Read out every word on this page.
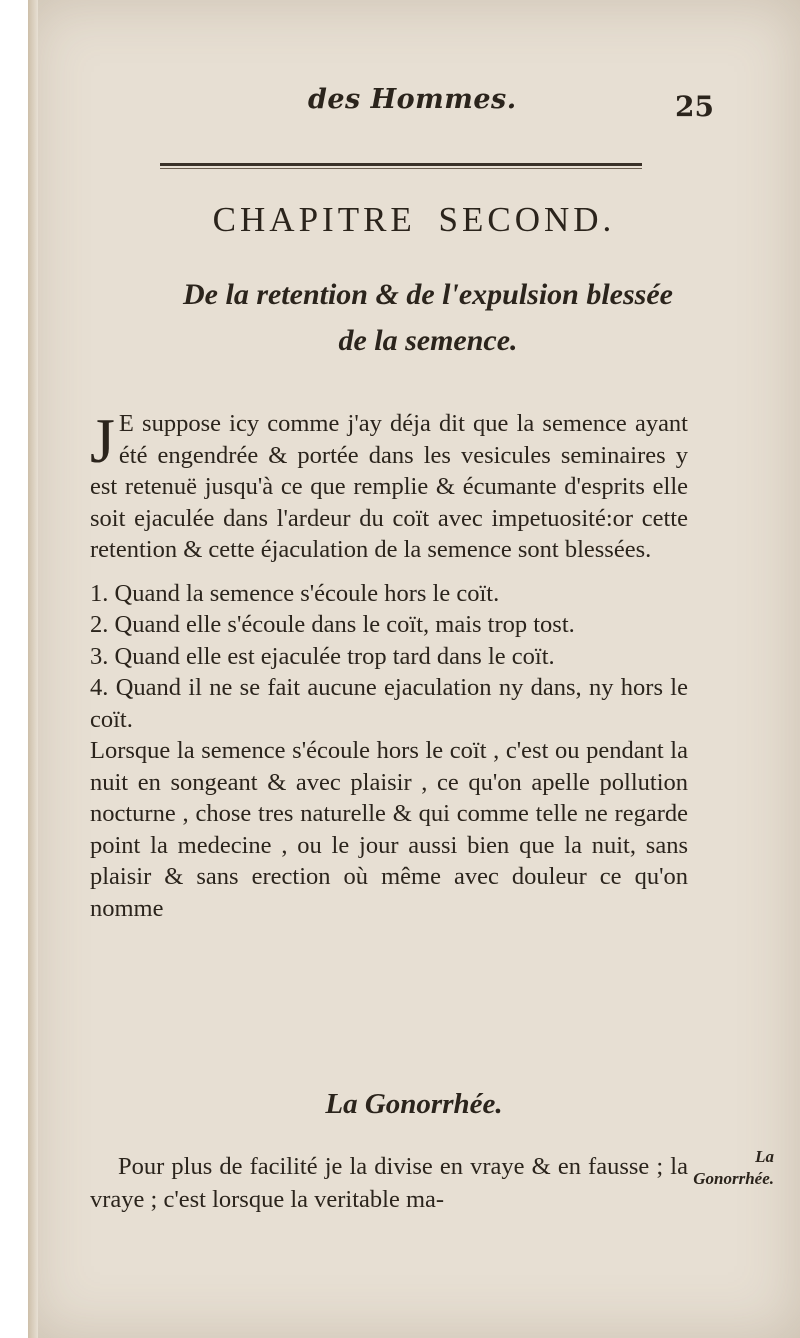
des Hommes.	25
CHAPITRE SECOND.
De la retention & de l'expulsion blessée
de la semence.

J E suppose icy comme j'ay déja dit que la semence ayant été engendrée & portée dans les vesicules seminaires y est retenuë jusqu'à ce que remplie & écumante d'esprits elle soit ejaculée dans l'ardeur du coït avec impetuosité:or cette retention & cette éjaculation de la semence sont blessées.

1. Quand la semence s'écoule hors le coït.

2. Quand elle s'écoule dans le coït, mais trop tost.

3. Quand elle est ejaculée trop tard dans le coït.

4. Quand il ne se fait aucune ejaculation ny dans, ny hors le coït.

Lorsque la semence s'écoule hors le coït , c'est ou pendant la nuit en songeant & avec plaisir , ce qu'on apelle pollution nocturne , chose tres naturelle & qui comme telle ne regarde point la medecine , ou le jour aussi bien que la nuit, sans plaisir & sans erection où même avec douleur ce qu'on nomme

La Gonorrhée.

Pour plus de facilité je la divise en vraye & en fausse ; la vraye ; c'est lorsque la veritable ma-

La Gonorrhée.
